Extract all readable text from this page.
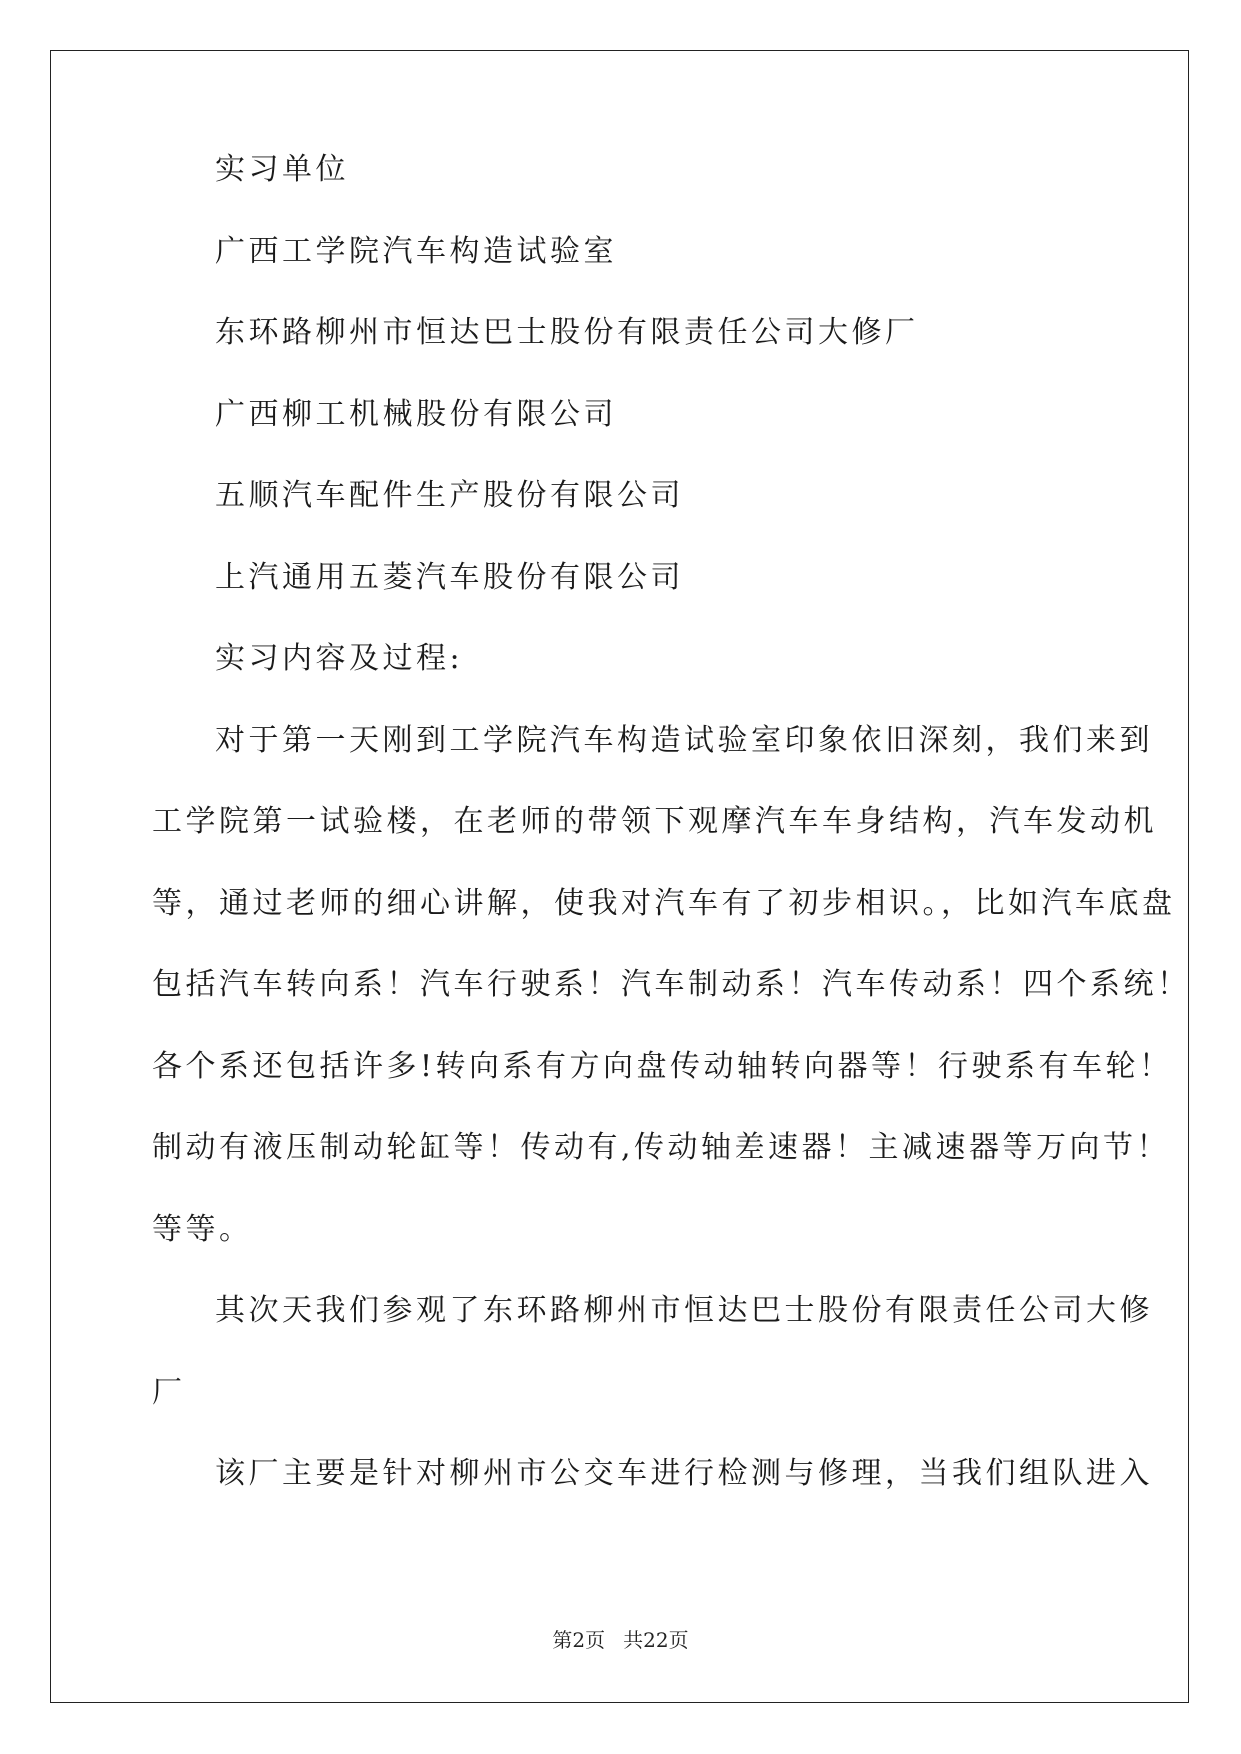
实习单位
广西工学院汽车构造试验室
东环路柳州市恒达巴士股份有限责任公司大修厂
广西柳工机械股份有限公司
五顺汽车配件生产股份有限公司
上汽通用五菱汽车股份有限公司
实习内容及过程:
对于第一天刚到工学院汽车构造试验室印象依旧深刻，我们来到
工学院第一试验楼，在老师的带领下观摩汽车车身结构，汽车发动机
等，通过老师的细心讲解，使我对汽车有了初步相识。，比如汽车底盘
包括汽车转向系！汽车行驶系！汽车制动系！汽车传动系！四个系统！
各个系还包括许多!转向系有方向盘传动轴转向器等！行驶系有车轮！
制动有液压制动轮缸等！传动有,传动轴差速器！主减速器等万向节！
等等。
其次天我们参观了东环路柳州市恒达巴士股份有限责任公司大修
厂
该厂主要是针对柳州市公交车进行检测与修理，当我们组队进入
第2页 共22页
